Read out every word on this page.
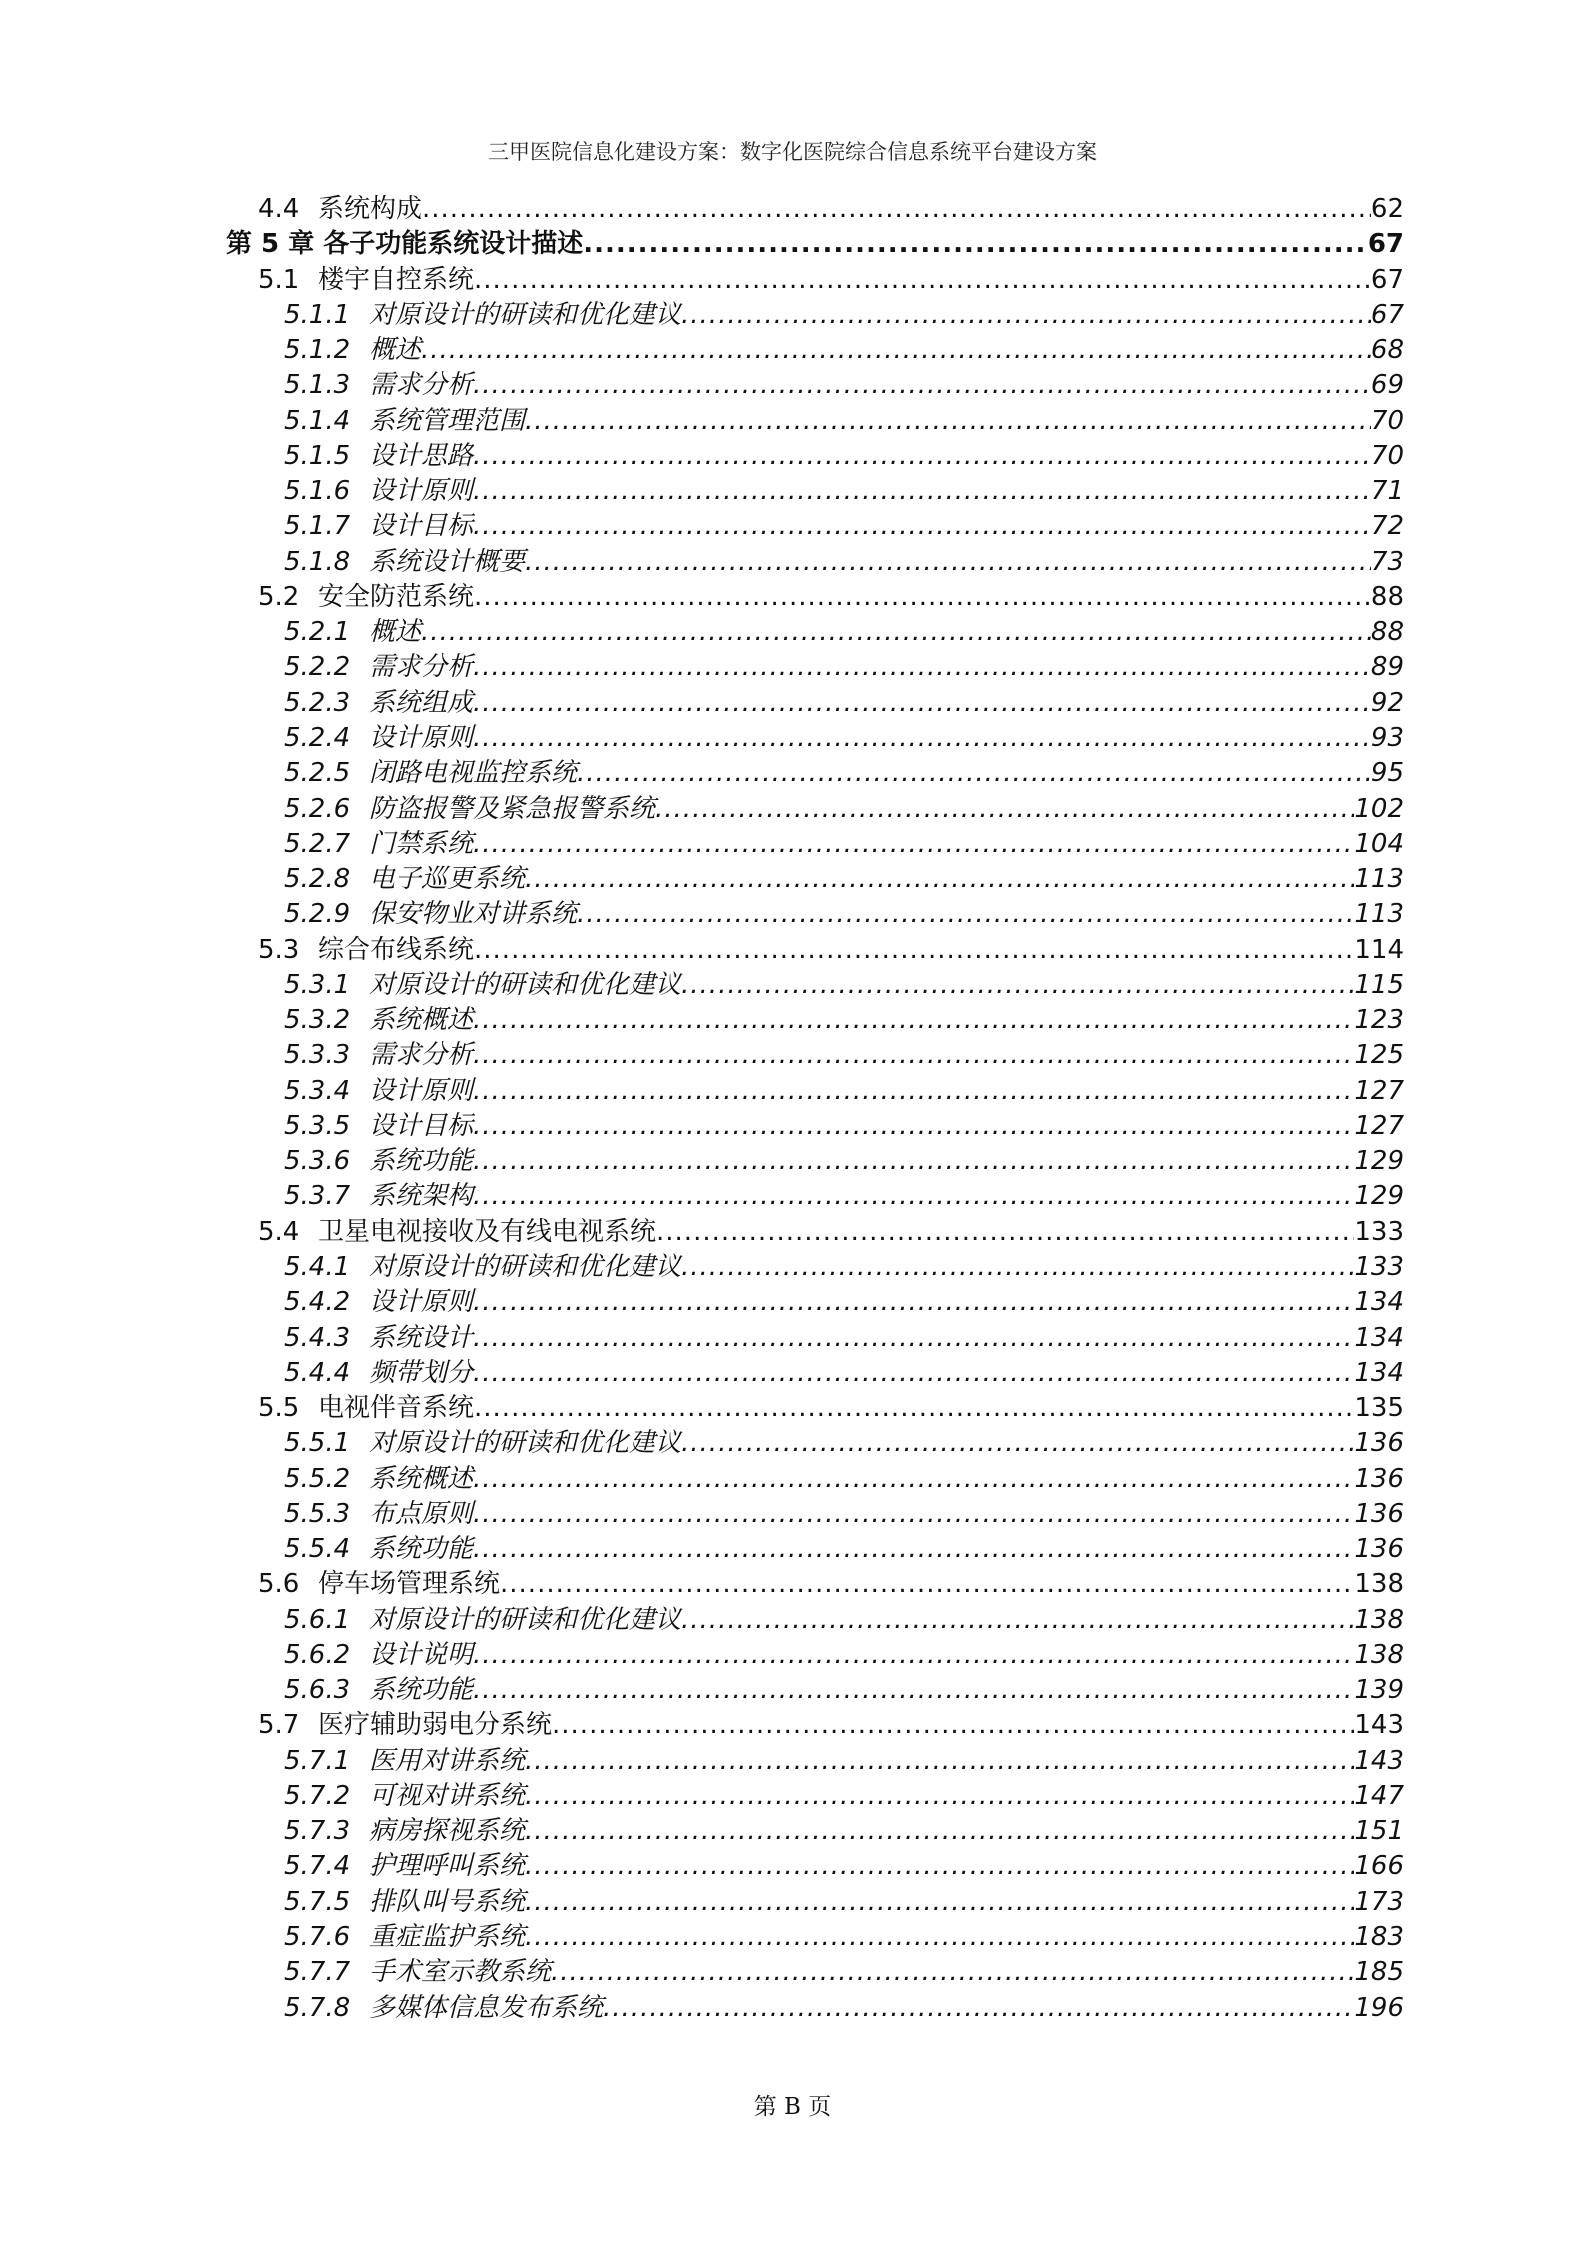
三甲医院信息化建设方案：数字化医院综合信息系统平台建设方案
4.4 系统构成 .....	62
第 5 章 各子功能系统设计描述 .....	67
5.1 楼宇自控系统 .....	67
5.1.1 对原设计的研读和优化建议 .....	67
5.1.2 概述 .....	68
5.1.3 需求分析 .....	69
5.1.4 系统管理范围 .....	70
5.1.5 设计思路 .....	70
5.1.6 设计原则 .....	71
5.1.7 设计目标 .....	72
5.1.8 系统设计概要 .....	73
5.2 安全防范系统 .....	88
5.2.1 概述 .....	88
5.2.2 需求分析 .....	89
5.2.3 系统组成 .....	92
5.2.4 设计原则 .....	93
5.2.5 闭路电视监控系统 .....	95
5.2.6 防盗报警及紧急报警系统 .....	102
5.2.7 门禁系统 .....	104
5.2.8 电子巡更系统 .....	113
5.2.9 保安物业对讲系统 .....	113
5.3 综合布线系统 .....	114
5.3.1 对原设计的研读和优化建议 .....	115
5.3.2 系统概述 .....	123
5.3.3 需求分析 .....	125
5.3.4 设计原则 .....	127
5.3.5 设计目标 .....	127
5.3.6 系统功能 .....	129
5.3.7 系统架构 .....	129
5.4 卫星电视接收及有线电视系统 .....	133
5.4.1 对原设计的研读和优化建议 .....	133
5.4.2 设计原则 .....	134
5.4.3 系统设计 .....	134
5.4.4 频带划分 .....	134
5.5 电视伴音系统 .....	135
5.5.1 对原设计的研读和优化建议 .....	136
5.5.2 系统概述 .....	136
5.5.3 布点原则 .....	136
5.5.4 系统功能 .....	136
5.6 停车场管理系统 .....	138
5.6.1 对原设计的研读和优化建议 .....	138
5.6.2 设计说明 .....	138
5.6.3 系统功能 .....	139
5.7 医疗辅助弱电分系统 .....	143
5.7.1 医用对讲系统 .....	143
5.7.2 可视对讲系统 .....	147
5.7.3 病房探视系统 .....	151
5.7.4 护理呼叫系统 .....	166
5.7.5 排队叫号系统 .....	173
5.7.6 重症监护系统 .....	183
5.7.7 手术室示教系统 .....	185
5.7.8 多媒体信息发布系统 .....	196
第 B 页
